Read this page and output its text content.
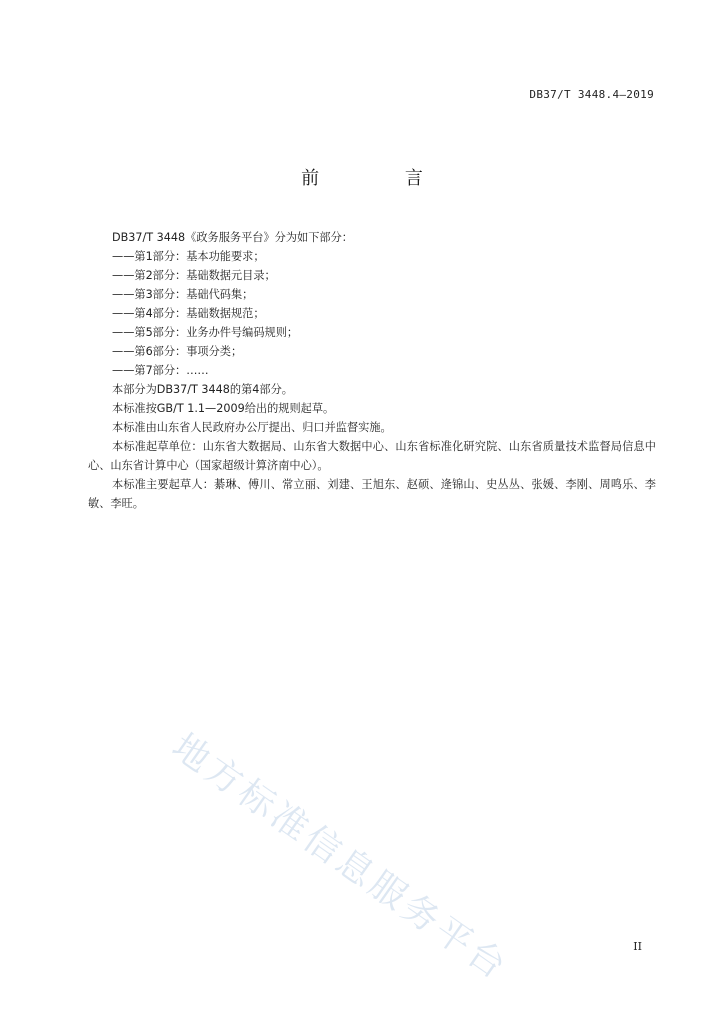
DB37/T 3448.4—2019
前 言

DB37/T 3448《政务服务平台》分为如下部分：

——第1部分：基本功能要求；

——第2部分：基础数据元目录；

——第3部分：基础代码集；

——第4部分：基础数据规范；

——第5部分：业务办件号编码规则；

——第6部分：事项分类；

——第7部分：……

本部分为DB37/T 3448的第4部分。

本标准按GB/T 1.1—2009给出的规则起草。

本标准由山东省人民政府办公厅提出、归口并监督实施。

本标准起草单位：山东省大数据局、山东省大数据中心、山东省标准化研究院、山东省质量技术监督局信息中心、山东省计算中心（国家超级计算济南中心）。

本标准主要起草人：綦琳、傅川、常立丽、刘建、王旭东、赵硕、逄锦山、史丛丛、张媛、李刚、周鸣乐、李敏、李旺。

地方标准信息服务平台	II
